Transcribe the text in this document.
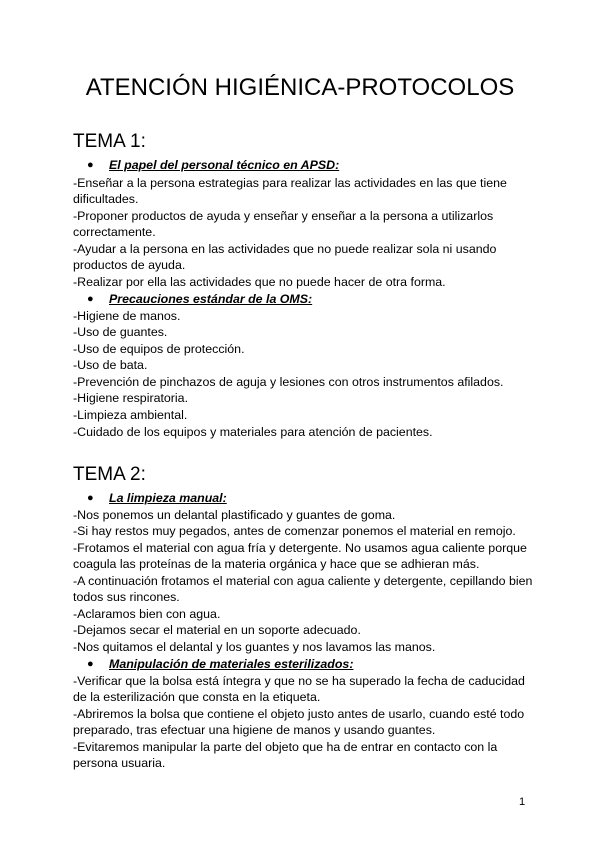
ATENCIÓN HIGIÉNICA-PROTOCOLOS
TEMA 1:
● El papel del personal técnico en APSD:
-Enseñar a la persona estrategias para realizar las actividades en las que tiene
dificultades.
-Proponer productos de ayuda y enseñar y enseñar a la persona a utilizarlos
correctamente.
-Ayudar a la persona en las actividades que no puede realizar sola ni usando
productos de ayuda.
-Realizar por ella las actividades que no puede hacer de otra forma.
● Precauciones estándar de la OMS:
-Higiene de manos.
-Uso de guantes.
-Uso de equipos de protección.
-Uso de bata.
-Prevención de pinchazos de aguja y lesiones con otros instrumentos afilados.
-Higiene respiratoria.
-Limpieza ambiental.
-Cuidado de los equipos y materiales para atención de pacientes.
TEMA 2:
● La limpieza manual:
-Nos ponemos un delantal plastificado y guantes de goma.
-Si hay restos muy pegados, antes de comenzar ponemos el material en remojo.
-Frotamos el material con agua fría y detergente. No usamos agua caliente porque
coagula las proteínas de la materia orgánica y hace que se adhieran más.
-A continuación frotamos el material con agua caliente y detergente, cepillando bien
todos sus rincones.
-Aclaramos bien con agua.
-Dejamos secar el material en un soporte adecuado.
-Nos quitamos el delantal y los guantes y nos lavamos las manos.
● Manipulación de materiales esterilizados:
-Verificar que la bolsa está íntegra y que no se ha superado la fecha de caducidad
de la esterilización que consta en la etiqueta.
-Abriremos la bolsa que contiene el objeto justo antes de usarlo, cuando esté todo
preparado, tras efectuar una higiene de manos y usando guantes.
-Evitaremos manipular la parte del objeto que ha de entrar en contacto con la
persona usuaria.
1
